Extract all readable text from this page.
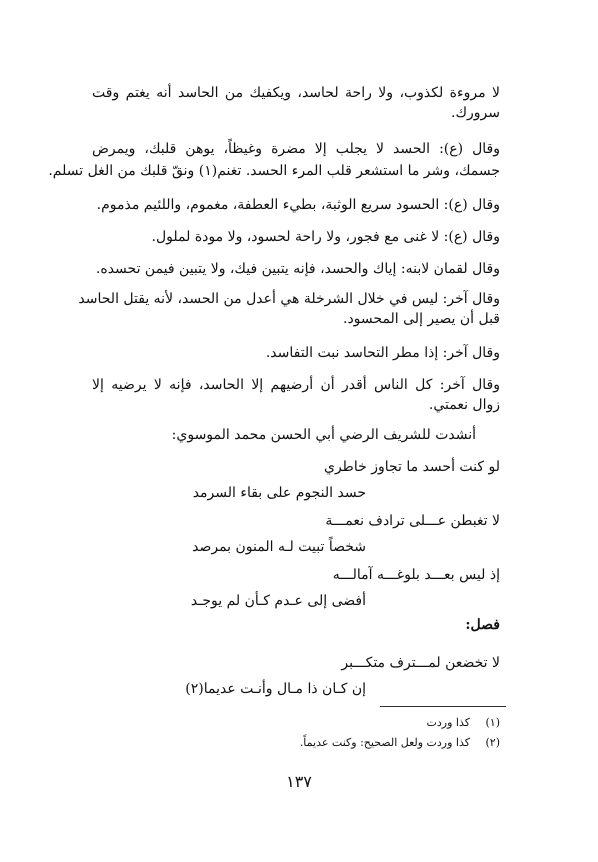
لا مروءة لكذوب، ولا راحة لحاسد، ويكفيك من الحاسد أنه يغتم وقت
سرورك.
وقال (ع): الحسد لا يجلب إلا مضرة وغيظاً، يوهن قلبك، ويمرض
جسمك، وشر ما استشعر قلب المرء الحسد. تغنم(١) ونقّ قلبك من الغل تسلم.
وقال (ع): الحسود سريع الوثبة، بطيء العطفة، مغموم، واللئيم مذموم.
وقال (ع): لا غنى مع فجور، ولا راحة لحسود، ولا مودة لملول.
وقال لقمان لابنه: إياك والحسد، فإنه يتبين فيك، ولا يتبين فيمن تحسده.
وقال آخر: ليس في خلال الشرخلة هي أعدل من الحسد، لأنه يقتل الحاسد
قبل أن يصير إلى المحسود.
وقال آخر: إذا مطر التحاسد نبت التفاسد.
وقال آخر: كل الناس أقدر أن أرضيهم إلا الحاسد، فإنه لا يرضيه إلا
زوال نعمتي.
أنشدت للشريف الرضي أبي الحسن محمد الموسوي:
لو كنت أحسد ما تجاوز خاطري
حسد النجوم على بقاء السرمد
لا تغبطن عـــلى ترادف نعمـــة
شخصاً تبيت لـه المنون بمرصد
إذ ليس بعـــد بلوغـــه آمالـــه
أفضى إلى عـدم كـأن لم يوجـد
فصل:
لا تخضعن لمـــترف متكـــبر
إن كـان ذا مـال وأنـت عديما(٢)
(١)كذا وردت
(٢)كذا وردت ولعل الصحيح: وكنت عديماً.
١٣٧
